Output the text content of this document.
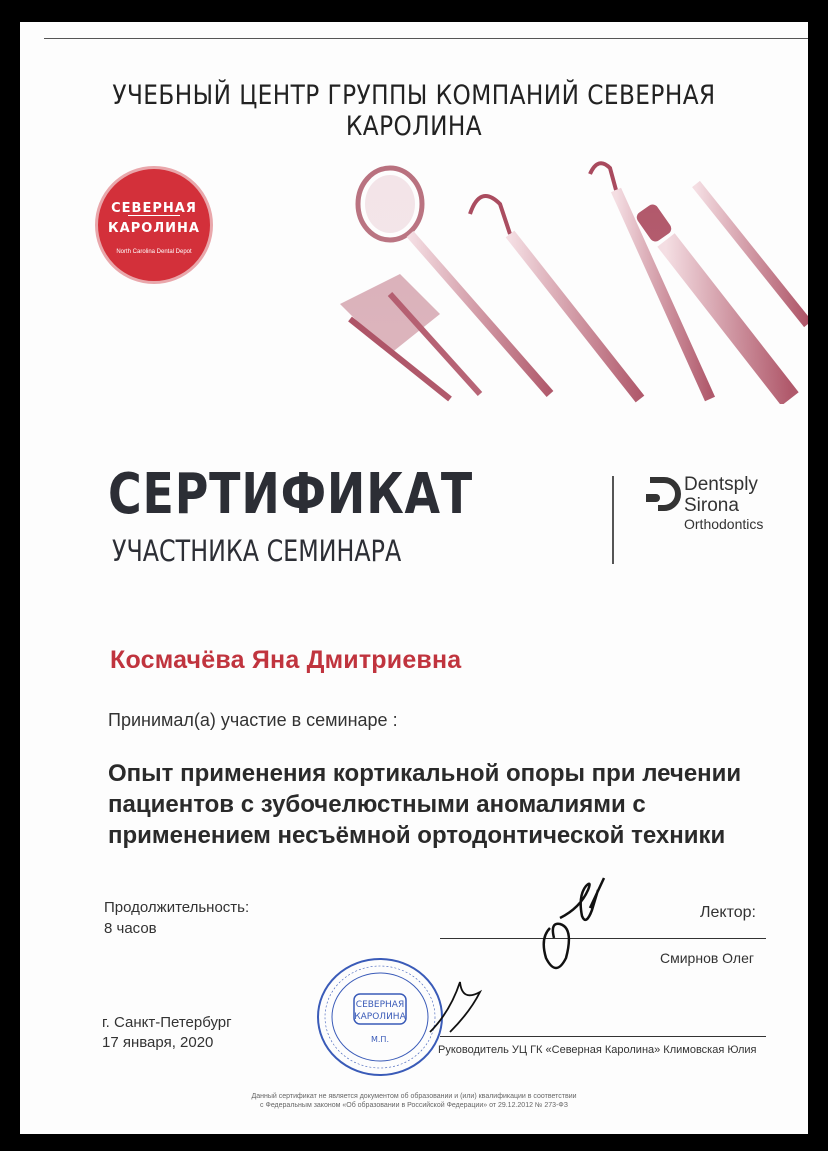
УЧЕБНЫЙ ЦЕНТР ГРУППЫ КОМПАНИЙ СЕВЕРНАЯ КАРОЛИНА
СЕВЕРНАЯ
КАРОЛИНА
North Carolina Dental Depot
СЕРТИФИКАТ
УЧАСТНИКА СЕМИНАРА
Dentsply
Sirona
Orthodontics
Космачёва Яна Дмитриевна
Принимал(а) участие в семинаре :
Опыт применения кортикальной опоры при лечении пациентов с зубочелюстными аномалиями с применением несъёмной ортодонтической техники
Продолжительность:
8 часов
Лектор:
Смирнов Олег
СЕВЕРНАЯ
КАРОЛИНА
М.П.
г. Санкт-Петербург
17 января, 2020	Руководитель УЦ ГК «Северная Каролина» Климовская Юлия
Данный сертификат не является документом об образовании и (или) квалификации в соответствии
с Федеральным законом «Об образовании в Российской Федерации» от 29.12.2012 № 273-ФЗ
